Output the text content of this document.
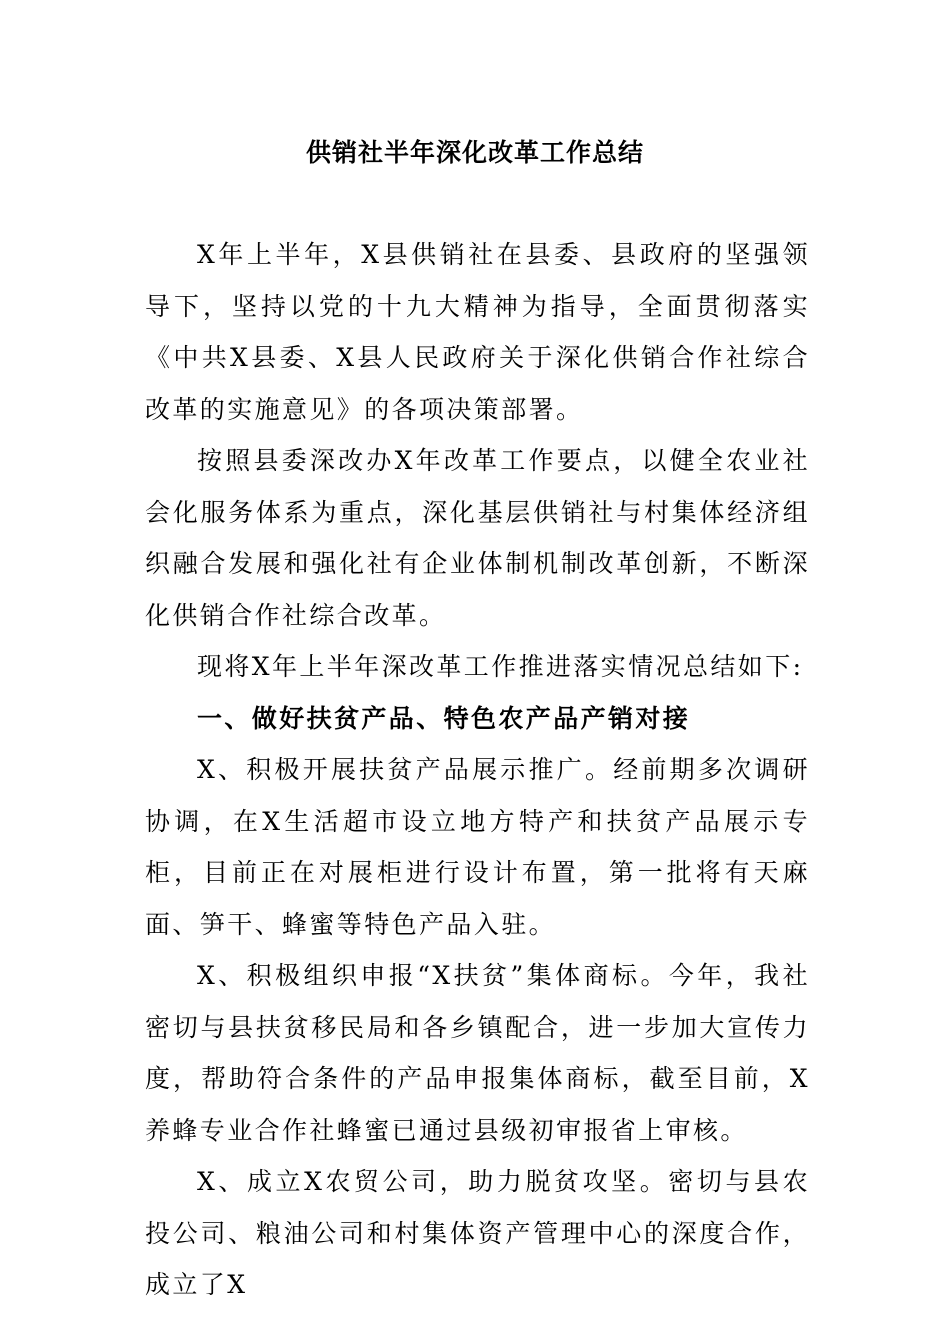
供销社半年深化改革工作总结

X年上半年，X县供销社在县委、县政府的坚强领导下，坚持以党的十九大精神为指导，全面贯彻落实《中共X县委、X县人民政府关于深化供销合作社综合改革的实施意见》的各项决策部署。

按照县委深改办X年改革工作要点，以健全农业社会化服务体系为重点，深化基层供销社与村集体经济组织融合发展和强化社有企业体制机制改革创新，不断深化供销合作社综合改革。

现将X年上半年深改革工作推进落实情况总结如下:

一、做好扶贫产品、特色农产品产销对接

X、积极开展扶贫产品展示推广。经前期多次调研协调，在X生活超市设立地方特产和扶贫产品展示专柜，目前正在对展柜进行设计布置，第一批将有天麻面、笋干、蜂蜜等特色产品入驻。

X、积极组织申报“X扶贫”集体商标。今年，我社密切与县扶贫移民局和各乡镇配合，进一步加大宣传力度，帮助符合条件的产品申报集体商标，截至目前，X养蜂专业合作社蜂蜜已通过县级初审报省上审核。

X、成立X农贸公司，助力脱贫攻坚。密切与县农投公司、粮油公司和村集体资产管理中心的深度合作，成立了X
